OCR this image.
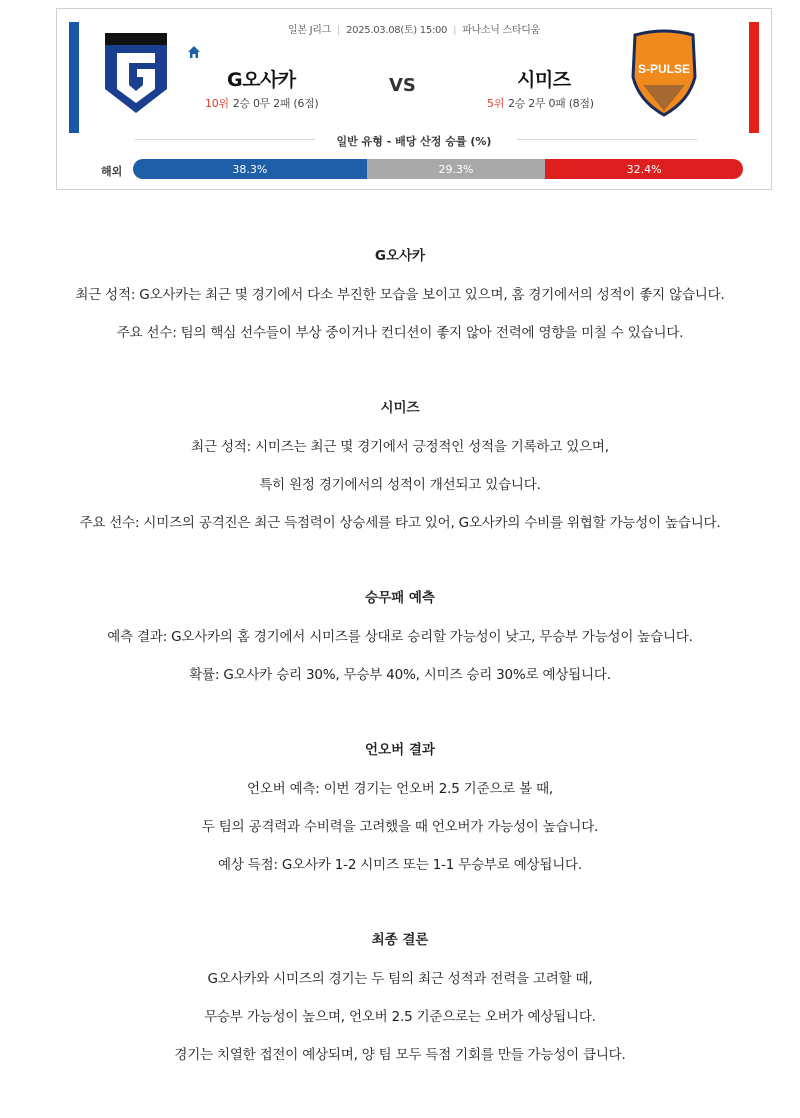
일본 J리그 | 2025.03.08(토) 15:00 | 파나소닉 스타디움
G오사카
10위 2승 0무 2패 (6점)
VS	시미즈
5위 2승 2무 0패 (8점)
S-PULSE
일반 유형 - 배당 산정 승률 (%)
해외	38.3%	29.3%	32.4%
G오사카
최근 성적: G오사카는 최근 몇 경기에서 다소 부진한 모습을 보이고 있으며, 홈 경기에서의 성적이 좋지 않습니다.
주요 선수: 팀의 핵심 선수들이 부상 중이거나 컨디션이 좋지 않아 전력에 영향을 미칠 수 있습니다.
시미즈
최근 성적: 시미즈는 최근 몇 경기에서 긍정적인 성적을 기록하고 있으며,
특히 원정 경기에서의 성적이 개선되고 있습니다.
주요 선수: 시미즈의 공격진은 최근 득점력이 상승세를 타고 있어, G오사카의 수비를 위협할 가능성이 높습니다.
승무패 예측
예측 결과: G오사카의 홈 경기에서 시미즈를 상대로 승리할 가능성이 낮고, 무승부 가능성이 높습니다.
확률: G오사카 승리 30%, 무승부 40%, 시미즈 승리 30%로 예상됩니다.
언오버 결과
언오버 예측: 이번 경기는 언오버 2.5 기준으로 볼 때,
두 팀의 공격력과 수비력을 고려했을 때 언오버가 가능성이 높습니다.
예상 득점: G오사카 1-2 시미즈 또는 1-1 무승부로 예상됩니다.
최종 결론
G오사카와 시미즈의 경기는 두 팀의 최근 성적과 전력을 고려할 때,
무승부 가능성이 높으며, 언오버 2.5 기준으로는 오버가 예상됩니다.
경기는 치열한 접전이 예상되며, 양 팀 모두 득점 기회를 만들 가능성이 큽니다.
